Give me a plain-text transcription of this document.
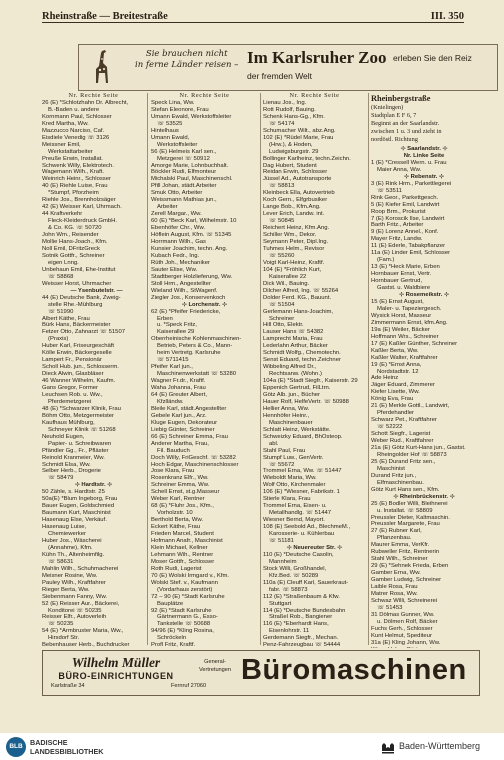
Rheinstraße — Breitestraße	III. 350
Sie brauchen nicht
in ferne Länder reisen – Im Karlsruher Zoo erleben Sie den Reiz
der fremden Welt
Nr. Rechte Seite
26 (E) *Schlotzhahn Dr. Albrecht,
B.-Baden u. andere
Kornmann Paul, Schlosser
Kred Martha, Ww.
Mazzucco Narciso, Caf.
Eisdiele Venedig ☏ 3126
Meissner Emil,
Werkstattarbeiter
Preuße Erwin, Installat.
Schwenk Willy, Elektrotech.
Wagemann Wilh., Kraft.
Weinrich Heinr., Schlosser
40 (E) Riehle Luise, Frau
*Stumpf, Pforzheim
Riehle Jos., Brennholzsäger
42 (E) Weisser Karl, Uhrmach.
44 Kraftverkehr
Fleck-Kleiderdruck GmbH.
& Co. KG. ☏ 50720
John Wm., Reisender
Mollie Hans-Joach., Kfm.
Noll Emil, DFritzGreck
Sotnik Gottfr., Schreiner
eigen Lnng.
Unbehaun Emil, Ehe-Institut
☏ 58868
Weisser Horst, Uhrmacher
— Ysenbutelstr. —
44 (E) Deutsche Bank, Zweig-
stelle Rhe.-Mühlburg
☏ 51990
Albert Käthe, Frau
Bürk Hans, Bäckermeister
Fetzer Otto, Zahnarzt ☏ 51507
(Praxis)
Huber Karl, Friseurgeschäft
Kölle Erwin, Bäckergeselle
Lampert Fr., Pensionär
Scholl Hub. jun., Schlosserm.
Dieck Alwin, Glasbläser
46 Wanner Wilhelm, Kaufm.
Gans Gregor, Former
Leuchsen Rob. u. Ww.,
Pferdemetzgerei
48 (E) *Schwarzer Klinik, Frau
Böhm Otto, Metzgermeister
Kaufhaus Mühlburg,
Schneyer Klinik ☏ 51268
Neuhold Eugen,
Papier- u. Schreibwaren
Pfändler Gg., Fr., Pfläster
Reinold Kranmeier, Ww.
Schmidt Elsa, Ww.
Selber Herb., Drogerie
☏ 58479
⊹ Hardtstr. ⊹
50 Zähle, s. Hardtstr. 25
50a(E) *Blum Ingeborg, Frau
Bauer Eugen, Goldschmied
Baumann Kurt, Maschinist
Hasenaug Else, Verkäuf.
Hasenaug Luise,
Chemiewerker
Huber Jos., Wäscherei
(Annahme), Kfm.
Kühn Th., Altenheimfilg.
☏ 58631
Mahlin Wilh., Schuhmacherei
Meisner Rosine, Ww.
Pauley Wilh., Kraftfahrer
Rieger Berta, Ww.
Siebenmann Fanny, Ww.
52 (E) Reisser Aur., Bäckerei,
Konditorei ☏ 50235
Reisser Elfr., Autoverleih
☏ 50235
54 (E) *Armbruster Maria, Ww.,
Hirsdorf Str.
Bebenhauser Herb., Buchdrucker
Nr. Rechte Seite
Speck Lina, Ww.
Stefan Eleonore, Frau
Umann Ewald, Werkstoffsleiter
☏ 53525
Hintelhaus
Umann Ewald,
Werkstoffsleiter
56 (E) Helmeis Karl sen.,
Metzgerei ☏ 50912
Amorge Marie, Lohnbuchhalt.
Böckler Rudi, Elfmonteur
Michalski Paul, Maschinenschl.
Pfill Johan, städt.Arbeiter
Smuk Otto, Arbeiter
Weissmann Mathias jun.,
Arbeiter
Zerell Margar., Ww.
60 (E) *Beck Karl, Wilhelmstr. 10
Ebenhöfer Chr., Ww.
Höflein August, Kfm. ☏ 51345
Horrmann Wilh., Gas
Kunsier Joachim, techn. Ang.
Kubach Fedr., Ing.
Rüth Joh., Mechaniker
Sauter Elise, Ww.
Stadtberger Holzlieferung, Ww.
Stoll Hrm., Angestellter
Wieland Wilh., StWagenf.
Ziegler Jos., Konservenkoch
⊹ Lorchenstr. ⊹
62 (E) *Pfeifer Friedericke,
Erben
u. *Speck Fritz,
Kaiserallee 29
Oberrheinische Kohlenmaschinen-
Betrieb, Peters & Co., Mann-
heim Vertretg. Karlsruhe
☏ 5711415
Pfeifer Karl jun.,
Maschinenwerkstatt ☏ 53280
Wagner Fr.dr., Kraftf.
Waha Johanna, Frau
64 (E) Greuter Albert,
Kfzlländw.
Bleile Karl, städt.Angestellter
Gebele Karl jun., Arz.
Kluge Eugen, Dekorateur
Liebig Günter, Schreiner
66 (E) Schreiner Emma, Frau
Anderer Martha, Frau,
Fil. Bauduch
Doch Willy, FriGeschf. ☏ 53282
Hoch Edgar, Maschinenschlosser
Jose Klara, Frau
Rosenkranz Elfr., Ww.
Schreiner Emma, Ww.
Schell Ernst, st.g.Masseur
Weber Karl, Rentner
68 (E) *Fluhr Jos., Kfm.,
Vorholzstr. 10
Berthold Berta, Ww.
Eckert Käthe, Frau
Frieden Marcel, Student
Hofmann Anafr., Maschinist
Klein Michael, Kellner
Lehmann Wih., Rentner
Moser Gottfr., Schlosser
Roth Rudi, Lagerist
70 (E) Wolski Irmgard v., Kfm.
Wolski Stef. v., Kaufmann
(Vordarhaus zerstört)
72 – 90 (E) *Stadt Karlsruhe
Bauplätze
92 (E) *Stadt Karlsruhe
Gärtnermann G., Esso-
Tankstelle ☏ 50688
94/96 (E) *Kling Rosina,
Schröckeln
Profl Fritz, Kraftf.
Nr. Rechte Seite
Lienau Jos., Ing.
Rott Rudolf, Bauing.
Schenk Hans-Gg., Kfm.
☏ 54174
Schumacher Wilt., abz.Ang.
102 (E) *Rüdel Marie, Frau
(Hrw.), & Hoden,
Ludwigsburgstr. 29
Bollinger Karlheinz, techn.Zeichn.
Dag Hubert, Student
Reidan Erwin, Schlosser
Jüssel Ad., Autotransporte
☏ 58813
Kleinbeck Ella, Autovertrieb
Koch Gern., Elfgrbusiker
Lange Bob., Kfm.Ang.
Lever Erich, Landw. int.
☏ 50845
Reichert Heinz, Kfm.Ang.
Schiller Wm., Dekor.
Seymann Peter, Dipl.Ing.
Tuhmes Helm., Revisor
☏ 55260
Voigt Karl-Heinz, Kraftf.
104 (E) *Fröhlich Kurt,
Kaiserallee 22
Dick Wil., Bauing.
Dilcher Alfred, Ing. ☏ 55264
Dolder Ferd. KG., Bauunt.
☏ 51504
Gerlemann Hans-Joachim,
Schreiner
Hill Otto, Elektr.
Lauser Hans ☏ 54382
Lamprecht Maria, Frau
Lederlahn Arthur, Bäcker
Schmidt Wolfg., Chemotechn.
Senst Eduard, techn.Zeichner
Wibbeling Alfred Dr.,
Rechtsanw. (Wohn.)
104a (E) *Stadt Siegfr., Kaiserstr. 29
Eppenich Gertrud, FilLtrn.
Götz Alb. jun., Bücher
Hauer Rolf, HelfeVertr. ☏ 50988
Hellier Anna, Ww.
Hennhöfer Heinr.,
Maschinenbauer
Schlatt Heinz, Werkstätte.
Schweizky Eduard, BhOsteop.
abl.
Stahl Paul, Frau
Stumpf Luw., GenVertr.
☏ 55672
Trommel Erna, Ww. ☏ 51447
Wieboldt Maria, Ww.
Wolf Otto, Kirchenmaler
106 (E) *Wiesner, Fabrikstr. 1
Stierle Klara, Frau
Trommel Erna, Eisen- u.
Metallhandlg. ☏ 51447
Wiesner Bernd, Mayort.
108 (E) Seebold Ad., BlechmeM.,
Karosserie- u. Kühlerbau
☏ 51181
⊹ Neuereuter Str. ⊹
110 (E) *Deutsche Casolin,
Mannheim
Stock Willi, Großhandel,
Kfz.Bed. ☏ 50289
110a (E) Cleuff Karl, Sauerkraut-
fabr. ☏ 58873
112 (E) *Straßenbaum & Kfw.
Stuttgart
114 (E) *Deutsche Bundesbahn
Straßel Rob., Bangiener
116 (E) *Eberhardt Hans,
Eisenlohrstr. 11
Gerdemann Siegfr., Mechan.
Penz-Fahrzeugbau ☏ 54444
Rheinbergstraße
(Knielingen)
Stadtplan E F 6, 7
Beginnt an der Saarlandstr.
zwischen 1 u. 3 und zieht in
nordöstl. Richtung
⊹ Saarlandstr. ⊹
Nr. Linke Seite
1 (E) *Cressell Wern. u. Frau
Maier Anna, Ww.
⊹ Rebenstr. ⊹
3 (E) Rink Hrm., Parkettlegerei
☏ 53511
Rink Geor., Parkettgesch.
5 (E) Kiefer Emil, Landwirt
Roop Brm., Prokurist
7 (E) Koroscik Ilse, Landwirt
Barth Fritz., Arbeiter
9 (E) Lorenz Annel., Konf.
Mayer Fritz, Landw.
11 (E) Ederle, Tabakpflanzer
11a (E) Linder Emil, Schlosser
(Fam.)
13 (E) *Heck Marie, Erben
Hornbauer Ernst, Vertr.
Hornbauer Gertrud,
Gastst. u. Waldbiere
⊹ Rosemeikstr. ⊹
15 (E) Ernst August,
Maler- u. Tapeziergesch.
Wysick Horst, Masseur
Zimmermann Ernst, kfm.Ang.
19a (E) Weiler, Bäcker
Hoffmann Wrs., Schreiner
17 (E) Kaßler Günther, Schreiner
Kaßler Berta, Ww.
Kaßler Walter, Kraftfahrer
19 (E) *Ernst Anna,
Nordstadtstr. 12
Ade Heinz
Jäger Eduard, Zimmerer
Kiefer Lisette, Ww.
König Eva, Frau
21 (E) Merkle Gottl., Landwirt,
Pferdehandler
Schwarz Pet., Kraftfahrer
☏ 52222
Schott Siegfr., Lagerist
Weber Rud., Kraftfahrer
21a (E) Götz Kurt-Hans jun., Gastst.
Rheingolder Hof ☏ 58873
25 (E) Durand Fritz sen.,
Maschinist
Durand Fritz jun.,
Elfmaschinenbau.
Götz Kurt Hans sen., Kfm.
⊹ Rheinbrückenstr. ⊹
25 (E) Bodler Willi, Bleihnerei
u. Installat. ☏ 58809
Preussler Dieter, Kaltmaschin.
Preussler Margarete, Frau
27 (E) Rubner Karl,
Pflanzenbau.
Maurer Emma, VerKfr.
Rubweller Fritz, Rentnerin
Stahl Wilh., Schreiner
29 (E) *Sehnek Frieda, Erben
Gamber Erna, Ww.
Gamber Ludwig, Schreiner
Laible Rosa, Frau
Matrer Rosa, Ww.
Schwaz Willi, Schreinerei
☏ 51453
31 Dölmas Gunner, Ww.
u. Dölmen Rolf, Bäcker
Fuchs Gerh., Schlosser
Kunt Helmut, Spediteur
31a (E) Kling Johann, Ww.
Wilhelm Müller
BÜRO-EINRICHTUNGEN
Karlstraße 34	Fernruf 27060
General-
Vertretungen Büromaschinen
BLB	BADISCHE
LANDESBIBLIOTHEK
Baden-Württemberg
